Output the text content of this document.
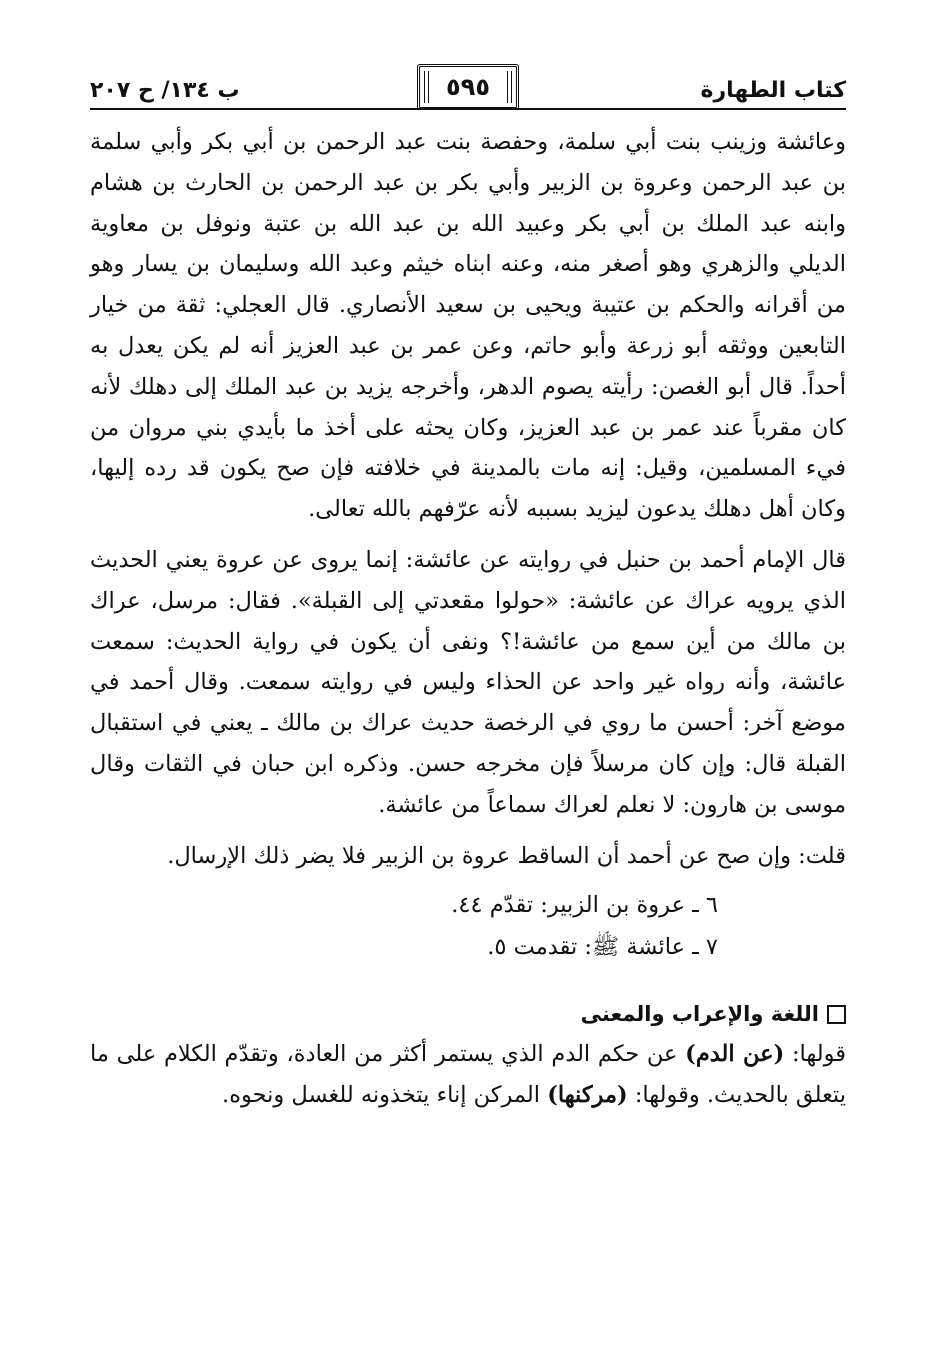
كتاب الطهارة
٥٩٥
ب ١٣٤/ ح ٢٠٧

وعائشة وزينب بنت أبي سلمة، وحفصة بنت عبد الرحمن بن أبي بكر وأبي سلمة بن عبد الرحمن وعروة بن الزبير وأبي بكر بن عبد الرحمن بن الحارث بن هشام وابنه عبد الملك بن أبي بكر وعبيد الله بن عبد الله بن عتبة ونوفل بن معاوية الديلي والزهري وهو أصغر منه، وعنه ابناه خيثم وعبد الله وسليمان بن يسار وهو من أقرانه والحكم بن عتيبة ويحيى بن سعيد الأنصاري. قال العجلي: ثقة من خيار التابعين ووثقه أبو زرعة وأبو حاتم، وعن عمر بن عبد العزيز أنه لم يكن يعدل به أحداً. قال أبو الغصن: رأيته يصوم الدهر، وأخرجه يزيد بن عبد الملك إلى دهلك لأنه كان مقرباً عند عمر بن عبد العزيز، وكان يحثه على أخذ ما بأيدي بني مروان من فيء المسلمين، وقيل: إنه مات بالمدينة في خلافته فإن صح يكون قد رده إليها، وكان أهل دهلك يدعون ليزيد بسببه لأنه عرّفهم بالله تعالى.

قال الإمام أحمد بن حنبل في روايته عن عائشة: إنما يروى عن عروة يعني الحديث الذي يرويه عراك عن عائشة: «حولوا مقعدتي إلى القبلة». فقال: مرسل، عراك بن مالك من أين سمع من عائشة!؟ ونفى أن يكون في رواية الحديث: سمعت عائشة، وأنه رواه غير واحد عن الحذاء وليس في روايته سمعت. وقال أحمد في موضع آخر: أحسن ما روي في الرخصة حديث عراك بن مالك ـ يعني في استقبال القبلة قال: وإن كان مرسلاً فإن مخرجه حسن. وذكره ابن حبان في الثقات وقال موسى بن هارون: لا نعلم لعراك سماعاً من عائشة.

قلت: وإن صح عن أحمد أن الساقط عروة بن الزبير فلا يضر ذلك الإرسال.

٦ ـ عروة بن الزبير: تقدّم ٤٤.

٧ ـ عائشة ﷺ: تقدمت ٥.

اللغة والإعراب والمعنى

قولها: (عن الدم) عن حكم الدم الذي يستمر أكثر من العادة، وتقدّم الكلام على ما يتعلق بالحديث. وقولها: (مركنها) المركن إناء يتخذونه للغسل ونحوه.
